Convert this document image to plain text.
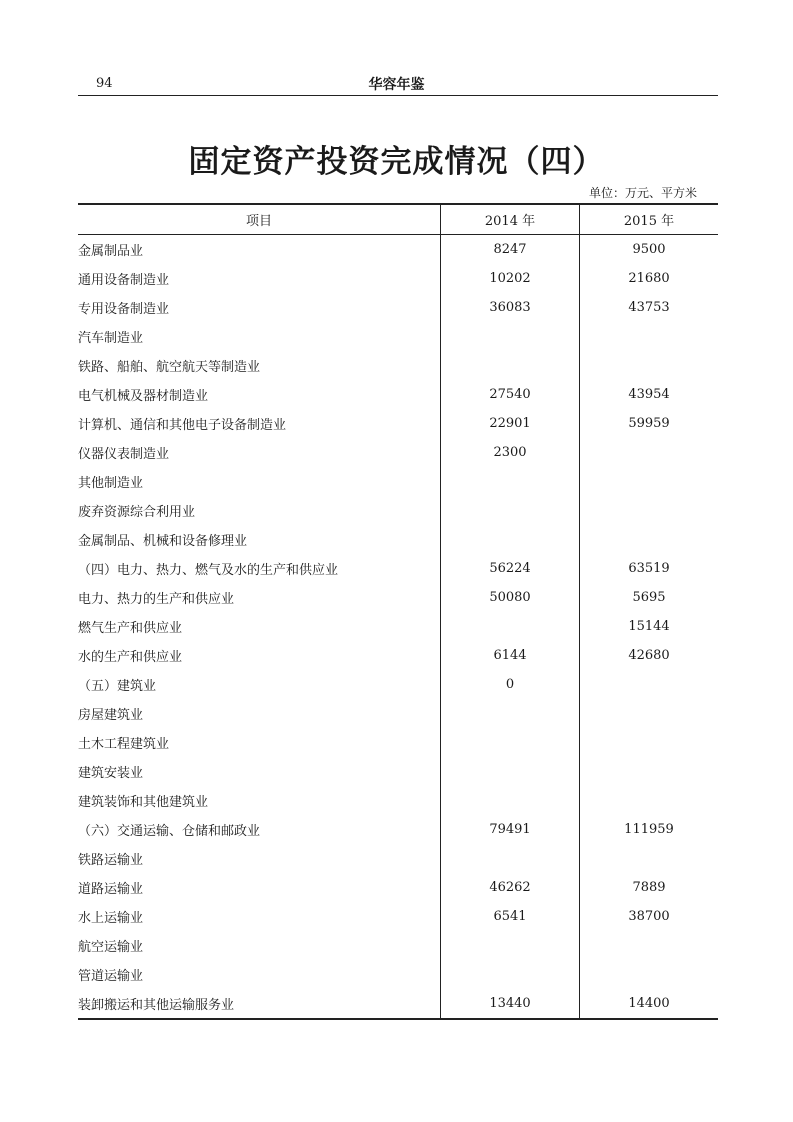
94	华容年鉴
固定资产投资完成情况（四）
单位：万元、平方米
项目	2014 年	2015 年
金属制品业	8247	9500
通用设备制造业	10202	21680
专用设备制造业	36083	43753
汽车制造业		
铁路、船舶、航空航天等制造业		
电气机械及器材制造业	27540	43954
计算机、通信和其他电子设备制造业	22901	59959
仪器仪表制造业	2300	
其他制造业		
废弃资源综合利用业		
金属制品、机械和设备修理业		
（四）电力、热力、燃气及水的生产和供应业	56224	63519
电力、热力的生产和供应业	50080	5695
燃气生产和供应业		15144
水的生产和供应业	6144	42680
（五）建筑业	0	
房屋建筑业		
土木工程建筑业		
建筑安装业		
建筑装饰和其他建筑业		
（六）交通运输、仓储和邮政业	79491	111959
铁路运输业		
道路运输业	46262	7889
水上运输业	6541	38700
航空运输业		
管道运输业		
装卸搬运和其他运输服务业	13440	14400
